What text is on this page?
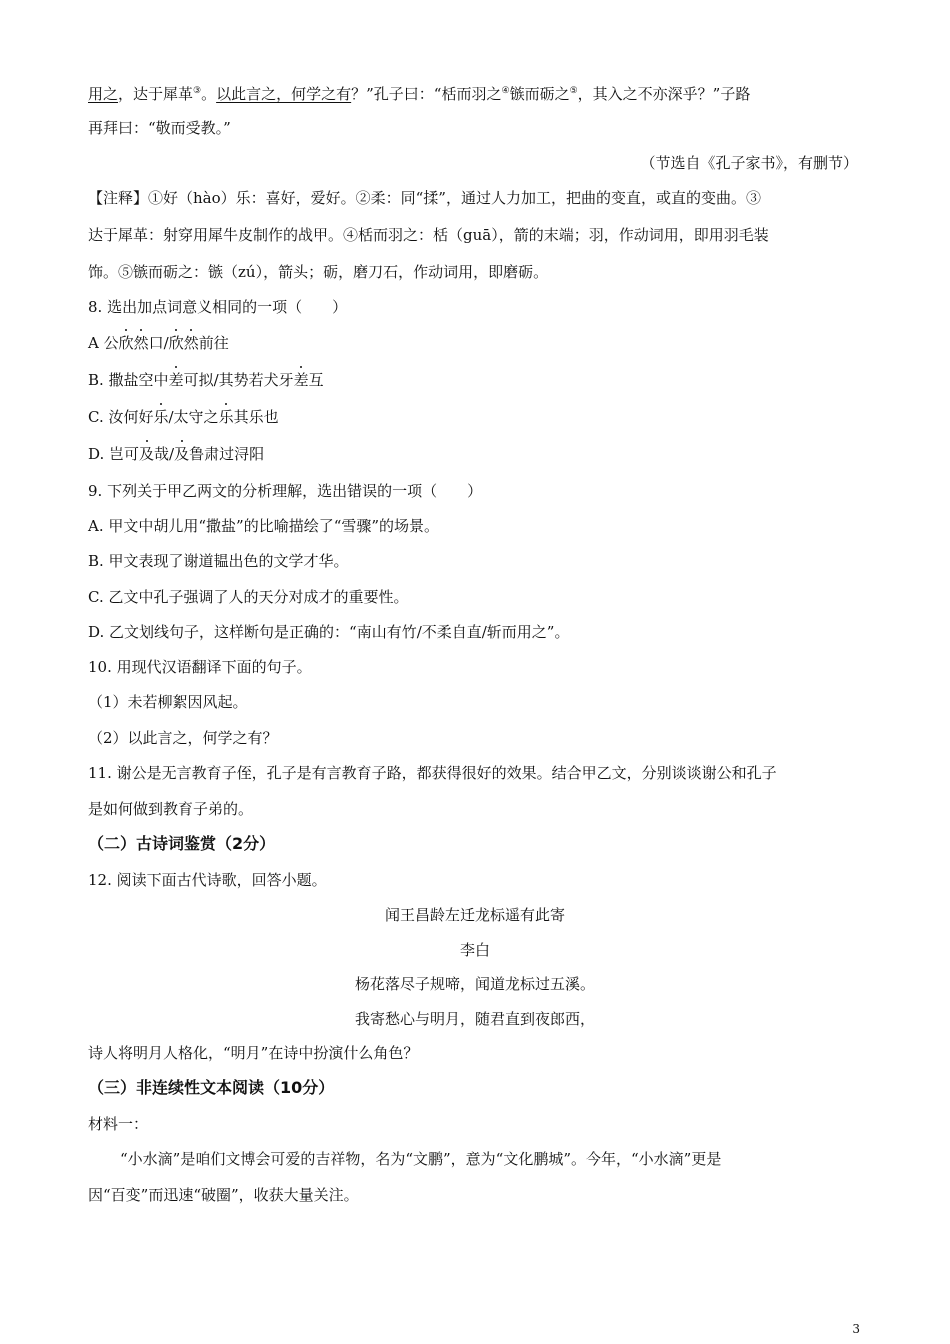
用之，达于犀革③。以此言之，何学之有？”孔子曰：“栝而羽之④镞而砺之⑤，其入之不亦深乎？”子路
再拜曰：“敬而受教。”
（节选自《孔子家书》，有删节）
【注释】①好（hào）乐：喜好，爱好。②柔：同“揉”，通过人力加工，把曲的变直，或直的变曲。③
达于犀革：射穿用犀牛皮制作的战甲。④栝而羽之：栝（guā），箭的末端；羽，作动词用，即用羽毛装
饰。⑤镞而砺之：镞（zú），箭头；砺，磨刀石，作动词用，即磨砺。
8. 选出加点词意义相同的一项（　　）
A 公欣然口/欣然前往
B. 撒盐空中差可拟/其势若犬牙差互
C. 汝何好乐/太守之乐其乐也
D. 岂可及哉/及鲁肃过浔阳
9. 下列关于甲乙两文的分析理解，选出错误的一项（　　）
A. 甲文中胡儿用“撒盐”的比喻描绘了“雪骤”的场景。
B. 甲文表现了谢道韫出色的文学才华。
C. 乙文中孔子强调了人的天分对成才的重要性。
D. 乙文划线句子，这样断句是正确的：“南山有竹/不柔自直/斩而用之”。
10. 用现代汉语翻译下面的句子。
（1）未若柳絮因风起。
（2）以此言之，何学之有？
11. 谢公是无言教育子侄，孔子是有言教育子路，都获得很好的效果。结合甲乙文，分别谈谈谢公和孔子
是如何做到教育子弟的。
（二）古诗词鉴赏（2分）
12. 阅读下面古代诗歌，回答小题。
闻王昌龄左迁龙标遥有此寄
李白
杨花落尽子规啼，闻道龙标过五溪。
我寄愁心与明月，随君直到夜郎西，
诗人将明月人格化，“明月”在诗中扮演什么角色？
（三）非连续性文本阅读（10分）
材料一：
“小水滴”是咱们文博会可爱的吉祥物，名为“文鹏”，意为“文化鹏城”。今年，“小水滴”更是
因“百变”而迅速“破圈”，收获大量关注。
3
